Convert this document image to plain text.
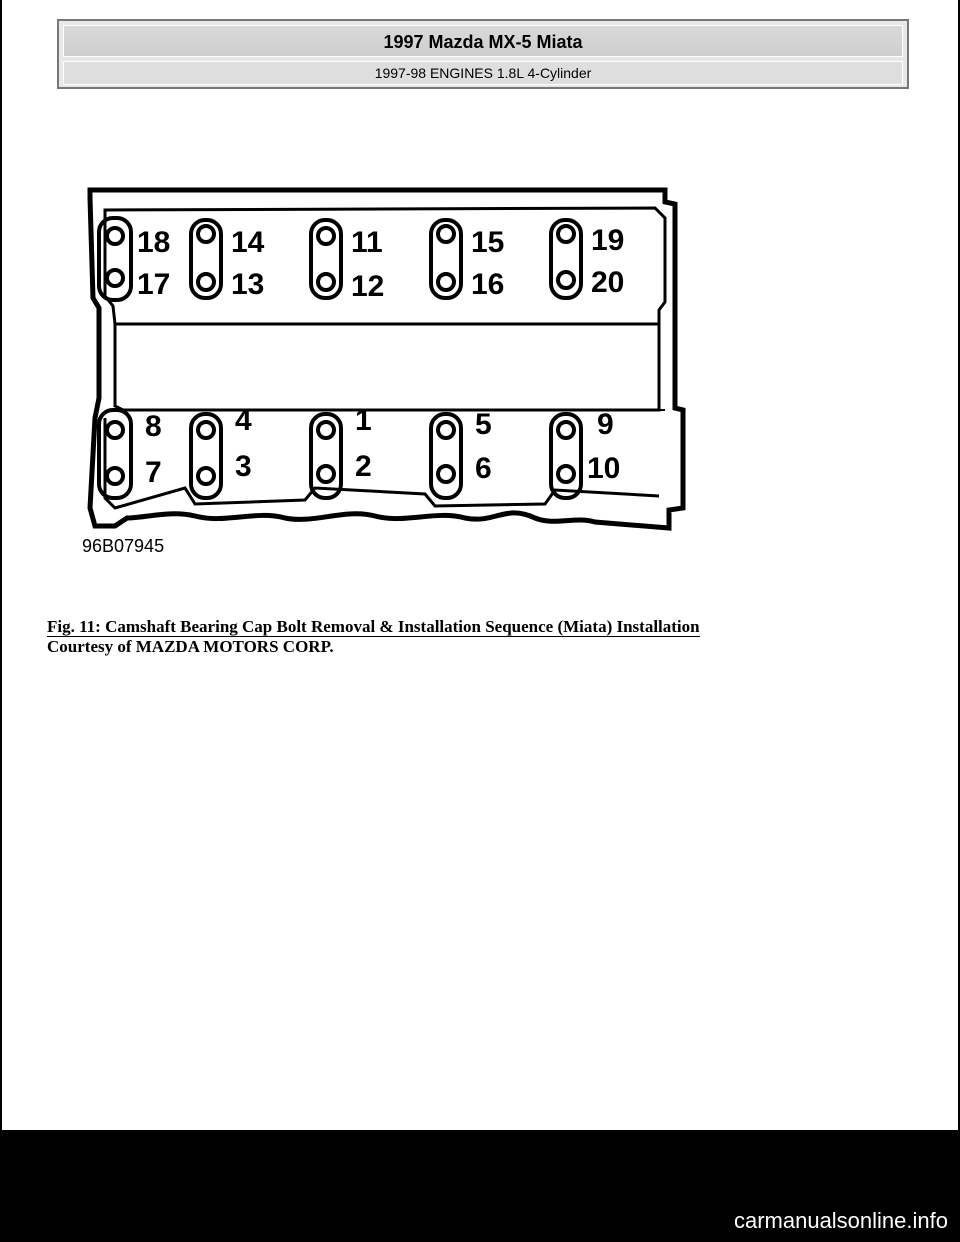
1997 Mazda MX-5 Miata
1997-98 ENGINES 1.8L 4-Cylinder
18
17
14
13
11
12
15
16
19
20
8
7
4
3
1
2
5
6
9
10
96B07945
Fig. 11: Camshaft Bearing Cap Bolt Removal & Installation Sequence (Miata) Installation
Courtesy of MAZDA MOTORS CORP.
carmanualsonline.info
